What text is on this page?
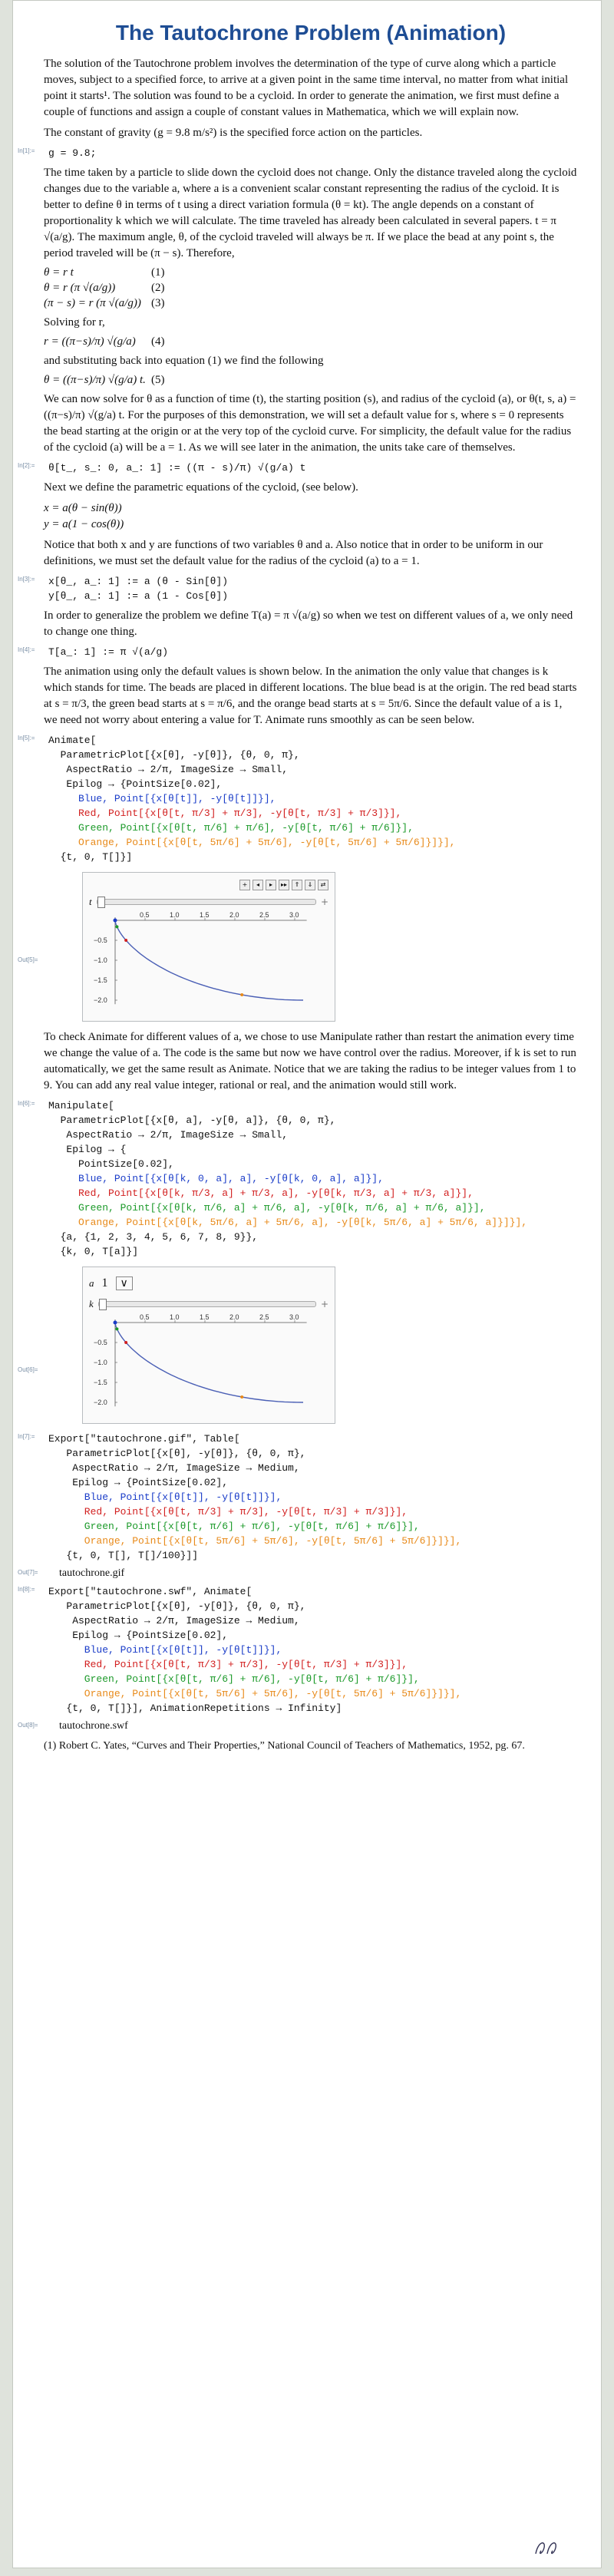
The Tautochrone Problem (Animation)

The solution of the Tautochrone problem involves the determination of the type of curve along which a particle moves, subject to a specified force, to arrive at a given point in the same time interval, no matter from what initial point it starts¹. The solution was found to be a cycloid. In order to generate the animation, we first must define a couple of functions and assign a couple of constant values in Mathematica, which we will explain now.

The constant of gravity (g = 9.8 m/s²) is the specified force action on the particles.

In[1]:= g = 9.8;

The time taken by a particle to slide down the cycloid does not change. Only the distance traveled along the cycloid changes due to the variable a, where a is a convenient scalar constant representing the radius of the cycloid. It is better to define θ in terms of t using a direct variation formula (θ = kt). The angle depends on a constant of proportionality k which we will calculate. The time traveled has already been calculated in several papers. t = π √(a/g). The maximum angle, θ, of the cycloid traveled will always be π. If we place the bead at any point s, the period traveled will be (π − s). Therefore,

θ = r t	(1)
θ = r (π √(a/g))	(2)
(π − s) = r (π √(a/g)) (3)

Solving for r,

r = ((π−s)/π) √(g/a)	(4)

and substituting back into equation (1) we find the following

θ = ((π−s)/π) √(g/a) t. (5)

We can now solve for θ as a function of time (t), the starting position (s), and radius of the cycloid (a), or θ(t, s, a) = ((π−s)/π) √(g/a) t. For the purposes of this demonstration, we will set a default value for s, where s = 0 represents the bead starting at the origin or at the very top of the cycloid curve. For simplicity, the default value for the radius of the cycloid (a) will be a = 1. As we will see later in the animation, the units take care of themselves.

In[2]:= θ[t_, s_: 0, a_: 1] := ((π - s)/π) √(g/a) t

Next we define the parametric equations of the cycloid, (see below).

x = a(θ − sin(θ))

y = a(1 − cos(θ))

Notice that both x and y are functions of two variables θ and a. Also notice that in order to be uniform in our definitions, we must set the default value for the radius of the cycloid (a) to a = 1.

In[3]:= x[θ_, a_: 1] := a (θ - Sin[θ])
y[θ_, a_: 1] := a (1 - Cos[θ])

In order to generalize the problem we define T(a) = π √(a/g) so when we test on different values of a, we only need to change one thing.

In[4]:= T[a_: 1] := π √(a/g)

The animation using only the default values is shown below. In the animation the only value that changes is k which stands for time. The beads are placed in different locations. The blue bead is at the origin. The red bead starts at s = π/3, the green bead starts at s = π/6, and the orange bead starts at s = 5π/6. Since the default value of a is 1, we need not worry about entering a value for T. Animate runs smoothly as can be seen below.

In[5]:= Animate[
ParametricPlot[{x[θ], -y[θ]}, {θ, 0, π},
AspectRatio → 2/π, ImageSize → Small,
Epilog → {PointSize[0.02],
Blue, Point[{x[θ[t]], -y[θ[t]]}],
Red, Point[{x[θ[t, π/3] + π/3], -y[θ[t, π/3] + π/3]}],
Green, Point[{x[θ[t, π/6] + π/6], -y[θ[t, π/6] + π/6]}],
Orange, Point[{x[θ[t, 5π/6] + 5π/6], -y[θ[t, 5π/6] + 5π/6]}]}],
{t, 0, T[]}]
Out[5]=
+	◂	▸	▸▸	⇑	⇓	⇄
t	+
0.5	1.0	1.5	2.0	2.5	3.0
−0.5
−1.0
−1.5
−2.0

To check Animate for different values of a, we chose to use Manipulate rather than restart the animation every time we change the value of a. The code is the same but now we have control over the radius. Moreover, if k is set to run automatically, we get the same result as Animate. Notice that we are taking the radius to be integer values from 1 to 9. You can add any real value integer, rational or real, and the animation would still work.

In[6]:= Manipulate[
ParametricPlot[{x[θ, a], -y[θ, a]}, {θ, 0, π},
AspectRatio → 2/π, ImageSize → Small,
Epilog → {
PointSize[0.02],
Blue, Point[{x[θ[k, 0, a], a], -y[θ[k, 0, a], a]}],
Red, Point[{x[θ[k, π/3, a] + π/3, a], -y[θ[k, π/3, a] + π/3, a]}],
Green, Point[{x[θ[k, π/6, a] + π/6, a], -y[θ[k, π/6, a] + π/6, a]}],
Orange, Point[{x[θ[k, 5π/6, a] + 5π/6, a], -y[θ[k, 5π/6, a] + 5π/6, a]}]}],
{a, {1, 2, 3, 4, 5, 6, 7, 8, 9}},
{k, 0, T[a]}]
Out[6]=
a 1	∨
k	+
0.5	1.0	1.5	2.0	2.5	3.0
−0.5
−1.0
−1.5
−2.0
In[7]:= Export["tautochrone.gif", Table[
ParametricPlot[{x[θ], -y[θ]}, {θ, 0, π},
AspectRatio → 2/π, ImageSize → Medium,
Epilog → {PointSize[0.02],
Blue, Point[{x[θ[t]], -y[θ[t]]}],
Red, Point[{x[θ[t, π/3] + π/3], -y[θ[t, π/3] + π/3]}],
Green, Point[{x[θ[t, π/6] + π/6], -y[θ[t, π/6] + π/6]}],
Orange, Point[{x[θ[t, 5π/6] + 5π/6], -y[θ[t, 5π/6] + 5π/6]}]}],
{t, 0, T[], T[]/100}]]
Out[7]= tautochrone.gif
In[8]:= Export["tautochrone.swf", Animate[
ParametricPlot[{x[θ], -y[θ]}, {θ, 0, π},
AspectRatio → 2/π, ImageSize → Medium,
Epilog → {PointSize[0.02],
Blue, Point[{x[θ[t]], -y[θ[t]]}],
Red, Point[{x[θ[t, π/3] + π/3], -y[θ[t, π/3] + π/3]}],
Green, Point[{x[θ[t, π/6] + π/6], -y[θ[t, π/6] + π/6]}],
Orange, Point[{x[θ[t, 5π/6] + 5π/6], -y[θ[t, 5π/6] + 5π/6]}]}],
{t, 0, T[]}], AnimationRepetitions → Infinity]
Out[8]= tautochrone.swf

(1) Robert C. Yates, “Curves and Their Properties,” National Council of Teachers of Mathematics, 1952, pg. 67.
